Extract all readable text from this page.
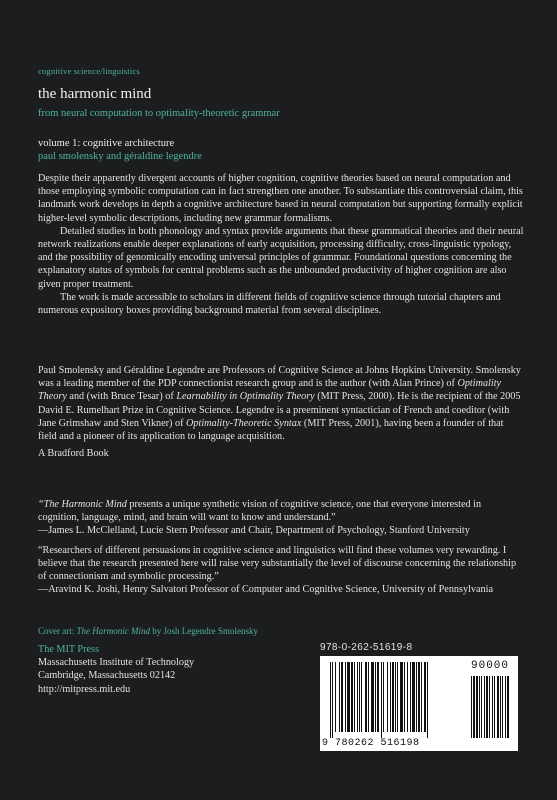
cognitive science/linguistics
the harmonic mind
from neural computation to optimality-theoretic grammar
volume 1: cognitive architecture
paul smolensky and géraldine legendre

Despite their apparently divergent accounts of higher cognition, cognitive theories based on neural computation and those employing symbolic computation can in fact strengthen one another. To substantiate this controversial claim, this landmark work develops in depth a cognitive architecture based in neural computation but supporting formally explicit higher-level symbolic descriptions, including new grammar formalisms.

Detailed studies in both phonology and syntax provide arguments that these grammatical theories and their neural network realizations enable deeper explanations of early acquisition, processing difficulty, cross-linguistic typology, and the possibility of genomically encoding universal principles of grammar. Foundational questions concerning the explanatory status of symbols for central problems such as the unbounded productivity of higher cognition are also given proper treatment.

The work is made accessible to scholars in different fields of cognitive science through tutorial chapters and numerous expository boxes providing background material from several disciplines.

Paul Smolensky and Géraldine Legendre are Professors of Cognitive Science at Johns Hopkins University. Smolensky was a leading member of the PDP connectionist research group and is the author (with Alan Prince) of Optimality Theory and (with Bruce Tesar) of Learnability in Optimality Theory (MIT Press, 2000). He is the recipient of the 2005 David E. Rumelhart Prize in Cognitive Science. Legendre is a preeminent syntactician of French and coeditor (with Jane Grimshaw and Sten Vikner) of Optimality-Theoretic Syntax (MIT Press, 2001), having been a founder of that field and a pioneer of its application to language acquisition.

A Bradford Book

“The Harmonic Mind presents a unique synthetic vision of cognitive science, one that everyone interested in cognition, language, mind, and brain will want to know and understand.”

—James L. McClelland, Lucie Stern Professor and Chair, Department of Psychology, Stanford University

“Researchers of different persuasions in cognitive science and linguistics will find these volumes very rewarding. I believe that the research presented here will raise very substantially the level of discourse concerning the relationship of connectionism and symbolic processing.”

—Aravind K. Joshi, Henry Salvatori Professor of Computer and Cognitive Science, University of Pennsylvania

Cover art: The Harmonic Mind by Josh Legendre Smolensky
The MIT Press
Massachusetts Institute of Technology
Cambridge, Massachusetts 02142
http://mitpress.mit.edu
978-0-262-51619-8
90000
9 780262 516198
